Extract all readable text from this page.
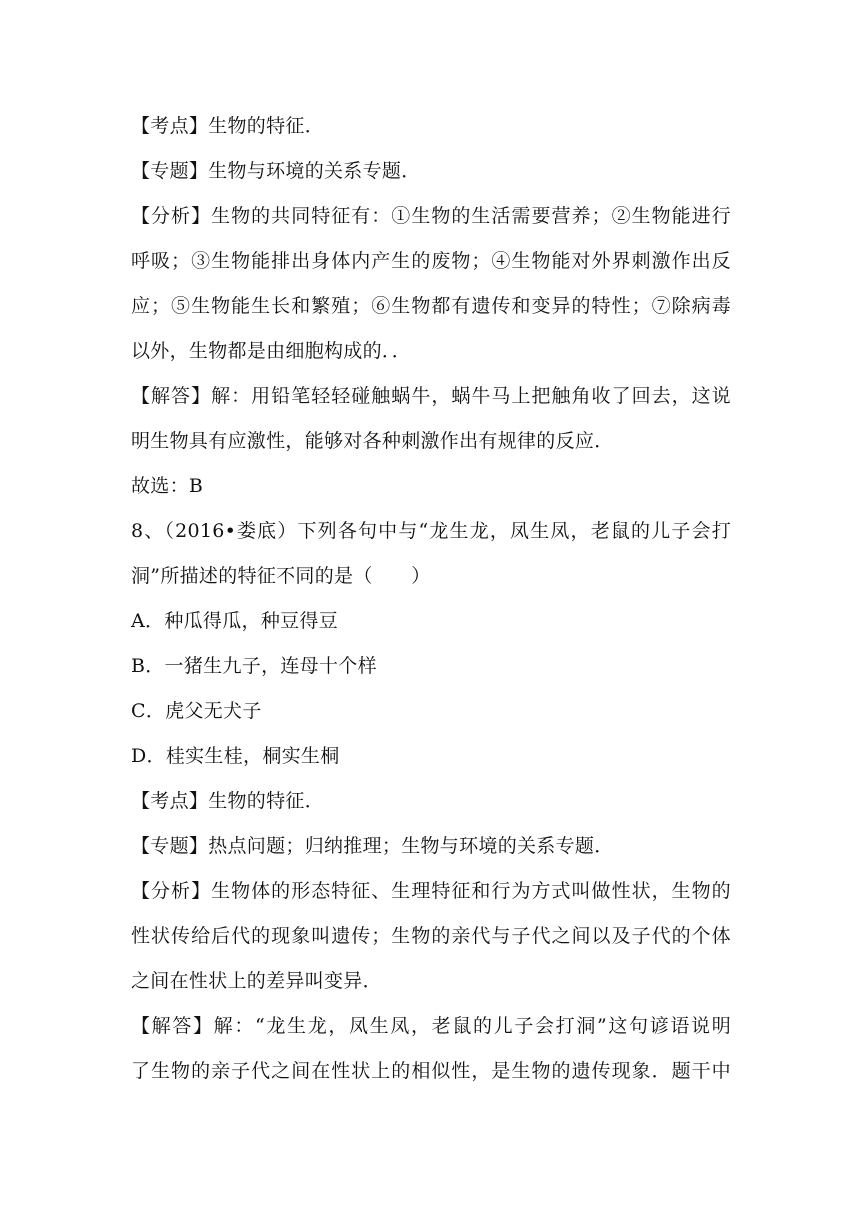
【考点】生物的特征．
【专题】生物与环境的关系专题．
【分析】生物的共同特征有：①生物的生活需要营养；②生物能进行
呼吸；③生物能排出身体内产生的废物；④生物能对外界刺激作出反
应；⑤生物能生长和繁殖；⑥生物都有遗传和变异的特性；⑦除病毒
以外，生物都是由细胞构成的．．
【解答】解：用铅笔轻轻碰触蜗牛，蜗牛马上把触角收了回去，这说
明生物具有应激性，能够对各种刺激作出有规律的反应．
故选：B
8、（2016•娄底）下列各句中与“龙生龙，凤生凤，老鼠的儿子会打
洞”所描述的特征不同的是（　　）
A．种瓜得瓜，种豆得豆
B．一猪生九子，连母十个样
C．虎父无犬子
D．桂实生桂，桐实生桐
【考点】生物的特征．
【专题】热点问题；归纳推理；生物与环境的关系专题．
【分析】生物体的形态特征、生理特征和行为方式叫做性状，生物的
性状传给后代的现象叫遗传；生物的亲代与子代之间以及子代的个体
之间在性状上的差异叫变异．
【解答】解：“龙生龙，凤生凤，老鼠的儿子会打洞”这句谚语说明
了生物的亲子代之间在性状上的相似性，是生物的遗传现象．题干中
